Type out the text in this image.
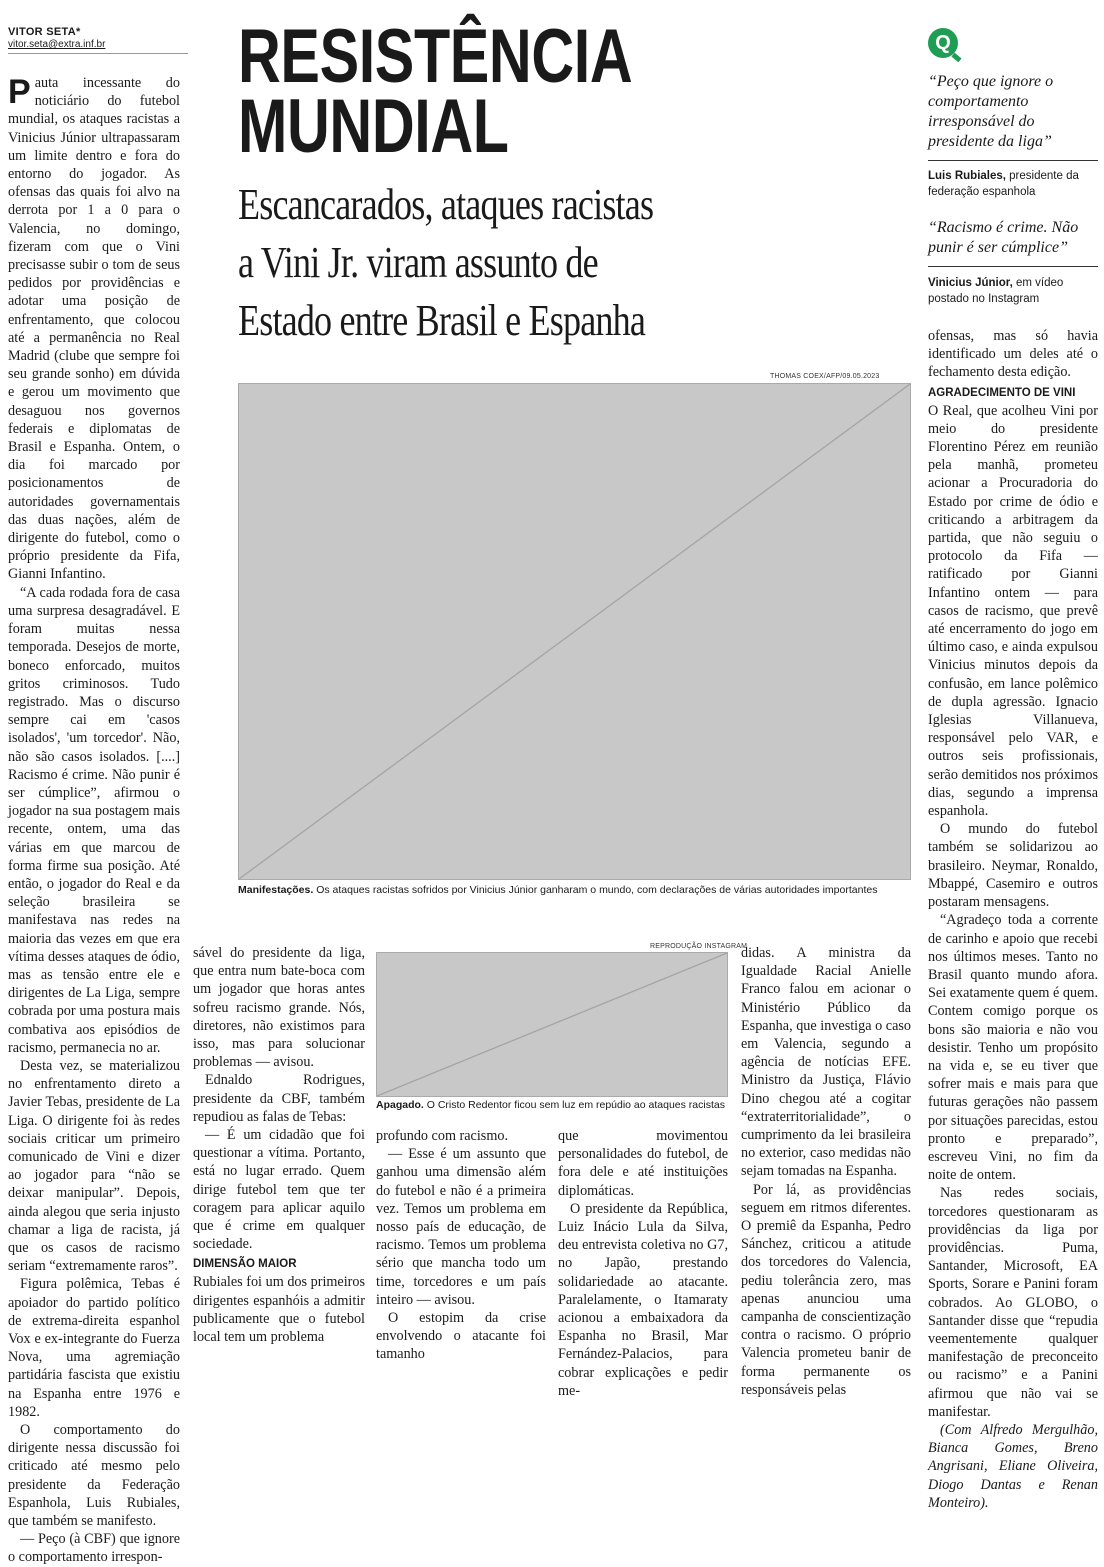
VITOR SETA*
vitor.seta@extra.inf.br

Pauta incessante do noticiário do futebol mundial, os ataques racistas a Vinicius Júnior ultrapassaram um limite dentro e fora do entorno do jogador. As ofensas das quais foi alvo na derrota por 1 a 0 para o Valencia, no domingo, fizeram com que o Vini precisasse subir o tom de seus pedidos por providências e adotar uma posição de enfrentamento, que colocou até a permanência no Real Madrid (clube que sempre foi seu grande sonho) em dúvida e gerou um movimento que desaguou nos governos federais e diplomatas de Brasil e Espanha. Ontem, o dia foi marcado por posicionamentos de autoridades governamentais das duas nações, além de dirigente do futebol, como o próprio presidente da Fifa, Gianni Infantino.

“A cada rodada fora de casa uma surpresa desagradável. E foram muitas nessa temporada. Desejos de morte, boneco enforcado, muitos gritos criminosos. Tudo registrado. Mas o discurso sempre cai em 'casos isolados', 'um torcedor'. Não, não são casos isolados. [....] Racismo é crime. Não punir é ser cúmplice”, afirmou o jogador na sua postagem mais recente, ontem, uma das várias em que marcou de forma firme sua posição. Até então, o jogador do Real e da seleção brasileira se manifestava nas redes na maioria das vezes em que era vítima desses ataques de ódio, mas as tensão entre ele e dirigentes de La Liga, sempre cobrada por uma postura mais combativa aos episódios de racismo, permanecia no ar.

Desta vez, se materializou no enfrentamento direto a Javier Tebas, presidente de La Liga. O dirigente foi às redes sociais criticar um primeiro comunicado de Vini e dizer ao jogador para “não se deixar manipular”. Depois, ainda alegou que seria injusto chamar a liga de racista, já que os casos de racismo seriam “extremamente raros”.

Figura polêmica, Tebas é apoiador do partido político de extrema-direita espanhol Vox e ex-integrante do Fuerza Nova, uma agremiação partidária fascista que existiu na Espanha entre 1976 e 1982.

O comportamento do dirigente nessa discussão foi criticado até mesmo pelo presidente da Federação Espanhola, Luis Rubiales, que também se manifesto.

— Peço (à CBF) que ignore o comportamento irrespon-

RESISTÊNCIA
MUNDIAL
Escancarados, ataques racistas
a Vini Jr. viram assunto de
Estado entre Brasil e Espanha
THOMAS COEX/AFP/09.05.2023
Manifestações. Os ataques racistas sofridos por Vinicius Júnior ganharam o mundo, com declarações de várias autoridades importantes
Q
“Peço que ignore o
comportamento
irresponsável do
presidente da liga”
Luis Rubiales, presidente da
federação espanhola
“Racismo é crime. Não
punir é ser cúmplice”
Vinicius Júnior, em vídeo
postado no Instagram

ofensas, mas só havia identificado um deles até o fechamento desta edição.

AGRADECIMENTO DE VINI

O Real, que acolheu Vini por meio do presidente Florentino Pérez em reunião pela manhã, prometeu acionar a Procuradoria do Estado por crime de ódio e criticando a arbitragem da partida, que não seguiu o protocolo da Fifa — ratificado por Gianni Infantino ontem — para casos de racismo, que prevê até encerramento do jogo em último caso, e ainda expulsou Vinicius minutos depois da confusão, em lance polêmico de dupla agressão. Ignacio Iglesias Villanueva, responsável pelo VAR, e outros seis profissionais, serão demitidos nos próximos dias, segundo a imprensa espanhola.

O mundo do futebol também se solidarizou ao brasileiro. Neymar, Ronaldo, Mbappé, Casemiro e outros postaram mensagens.

“Agradeço toda a corrente de carinho e apoio que recebi nos últimos meses. Tanto no Brasil quanto mundo afora. Sei exatamente quem é quem. Contem comigo porque os bons são maioria e não vou desistir. Tenho um propósito na vida e, se eu tiver que sofrer mais e mais para que futuras gerações não passem por situações parecidas, estou pronto e preparado”, escreveu Vini, no fim da noite de ontem.

Nas redes sociais, torcedores questionaram as providências da liga por providências. Puma, Santander, Microsoft, EA Sports, Sorare e Panini foram cobrados. Ao GLOBO, o Santander disse que “repudia veementemente qualquer manifestação de preconceito ou racismo” e a Panini afirmou que não vai se manifestar.

(Com Alfredo Mergulhão, Bianca Gomes, Breno Angrisani, Eliane Oliveira, Diogo Dantas e Renan Monteiro).

sável do presidente da liga, que entra num bate-boca com um jogador que horas antes sofreu racismo grande. Nós, diretores, não existimos para isso, mas para solucionar problemas — avisou.

Ednaldo Rodrigues, presidente da CBF, também repudiou as falas de Tebas:

— É um cidadão que foi questionar a vítima. Portanto, está no lugar errado. Quem dirige futebol tem que ter coragem para aplicar aquilo que é crime em qualquer sociedade.

DIMENSÃO MAIOR

Rubiales foi um dos primeiros dirigentes espanhóis a admitir publicamente que o futebol local tem um problema

REPRODUÇÃO INSTAGRAM
Apagado. O Cristo Redentor ficou sem luz em repúdio ao ataques racistas

profundo com racismo.

— Esse é um assunto que ganhou uma dimensão além do futebol e não é a primeira vez. Temos um problema em nosso país de educação, de racismo. Temos um problema sério que mancha todo um time, torcedores e um país inteiro — avisou.

O estopim da crise envolvendo o atacante foi tamanho

que movimentou personalidades do futebol, de fora dele e até instituições diplomáticas.

O presidente da República, Luiz Inácio Lula da Silva, deu entrevista coletiva no G7, no Japão, prestando solidariedade ao atacante. Paralelamente, o Itamaraty acionou a embaixadora da Espanha no Brasil, Mar Fernández-Palacios, para cobrar explicações e pedir me-

didas. A ministra da Igualdade Racial Anielle Franco falou em acionar o Ministério Público da Espanha, que investiga o caso em Valencia, segundo a agência de notícias EFE. Ministro da Justiça, Flávio Dino chegou até a cogitar “extraterritorialidade”, o cumprimento da lei brasileira no exterior, caso medidas não sejam tomadas na Espanha.

Por lá, as providências seguem em ritmos diferentes. O premiê da Espanha, Pedro Sánchez, criticou a atitude dos torcedores do Valencia, pediu tolerância zero, mas apenas anunciou uma campanha de conscientização contra o racismo. O próprio Valencia prometeu banir de forma permanente os responsáveis pelas
